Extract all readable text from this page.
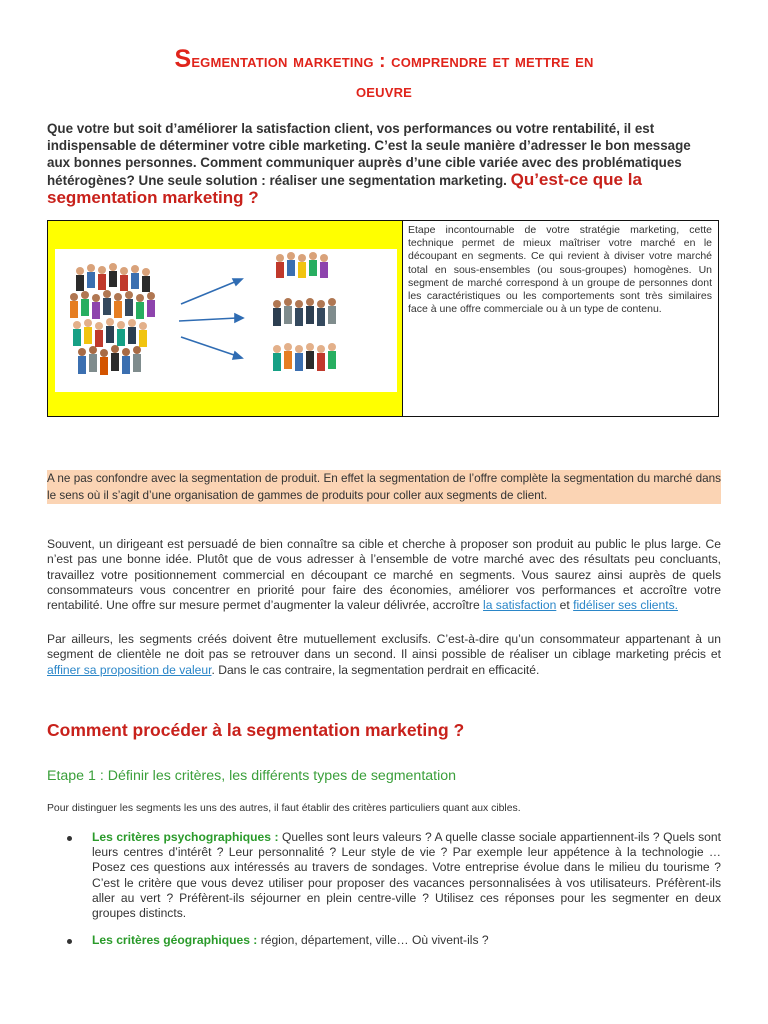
Segmentation marketing : comprendre et mettre en
oeuvre
Que votre but soit d’améliorer la satisfaction client, vos performances ou votre rentabilité, il est indispensable de déterminer votre cible marketing. C’est la seule manière d’adresser le bon message aux bonnes personnes. Comment communiquer auprès d’une cible variée avec des problématiques hétérogènes? Une seule solution : réaliser une segmentation marketing. Qu’est-ce que la segmentation marketing ?
Etape incontournable de votre stratégie marketing, cette technique permet de mieux maîtriser votre marché en le découpant en segments. Ce qui revient à diviser votre marché total en sous-ensembles (ou sous-groupes) homogènes. Un segment de marché correspond à un groupe de personnes dont les caractéristiques ou les comportements sont très similaires face à une offre commerciale ou à un type de contenu.
A ne pas confondre avec la segmentation de produit. En effet la segmentation de l’offre complète la segmentation du marché dans le sens où il s’agit d’une organisation de gammes de produits pour coller aux segments de client.
Souvent, un dirigeant est persuadé de bien connaître sa cible et cherche à proposer son produit au public le plus large. Ce n’est pas une bonne idée. Plutôt que de vous adresser à l’ensemble de votre marché avec des résultats peu concluants, travaillez votre positionnement commercial en découpant ce marché en segments. Vous saurez ainsi auprès de quels consommateurs vous concentrer en priorité pour faire des économies, améliorer vos performances et accroître votre rentabilité. Une offre sur mesure permet d’augmenter la valeur délivrée, accroître la satisfaction et fidéliser ses clients.
Par ailleurs, les segments créés doivent être mutuellement exclusifs. C’est-à-dire qu’un consommateur appartenant à un segment de clientèle ne doit pas se retrouver dans un second. Il ainsi possible de réaliser un ciblage marketing précis et affiner sa proposition de valeur. Dans le cas contraire, la segmentation perdrait en efficacité.
Comment procéder à la segmentation marketing ?
Etape 1 : Définir les critères, les différents types de segmentation
Pour distinguer les segments les uns des autres, il faut établir des critères particuliers quant aux cibles.
Les critères psychographiques : Quelles sont leurs valeurs ? A quelle classe sociale appartiennent-ils ? Quels sont leurs centres d’intérêt ? Leur personnalité ? Leur style de vie ? Par exemple leur appétence à la technologie … Posez ces questions aux intéressés au travers de sondages. Votre entreprise évolue dans le milieu du tourisme ? C’est le critère que vous devez utiliser pour proposer des vacances personnalisées à vos utilisateurs. Préfèrent-ils aller au vert ? Préfèrent-ils séjourner en plein centre-ville ? Utilisez ces réponses pour les segmenter en deux groupes distincts.
Les critères géographiques : région, département, ville… Où vivent-ils ?
